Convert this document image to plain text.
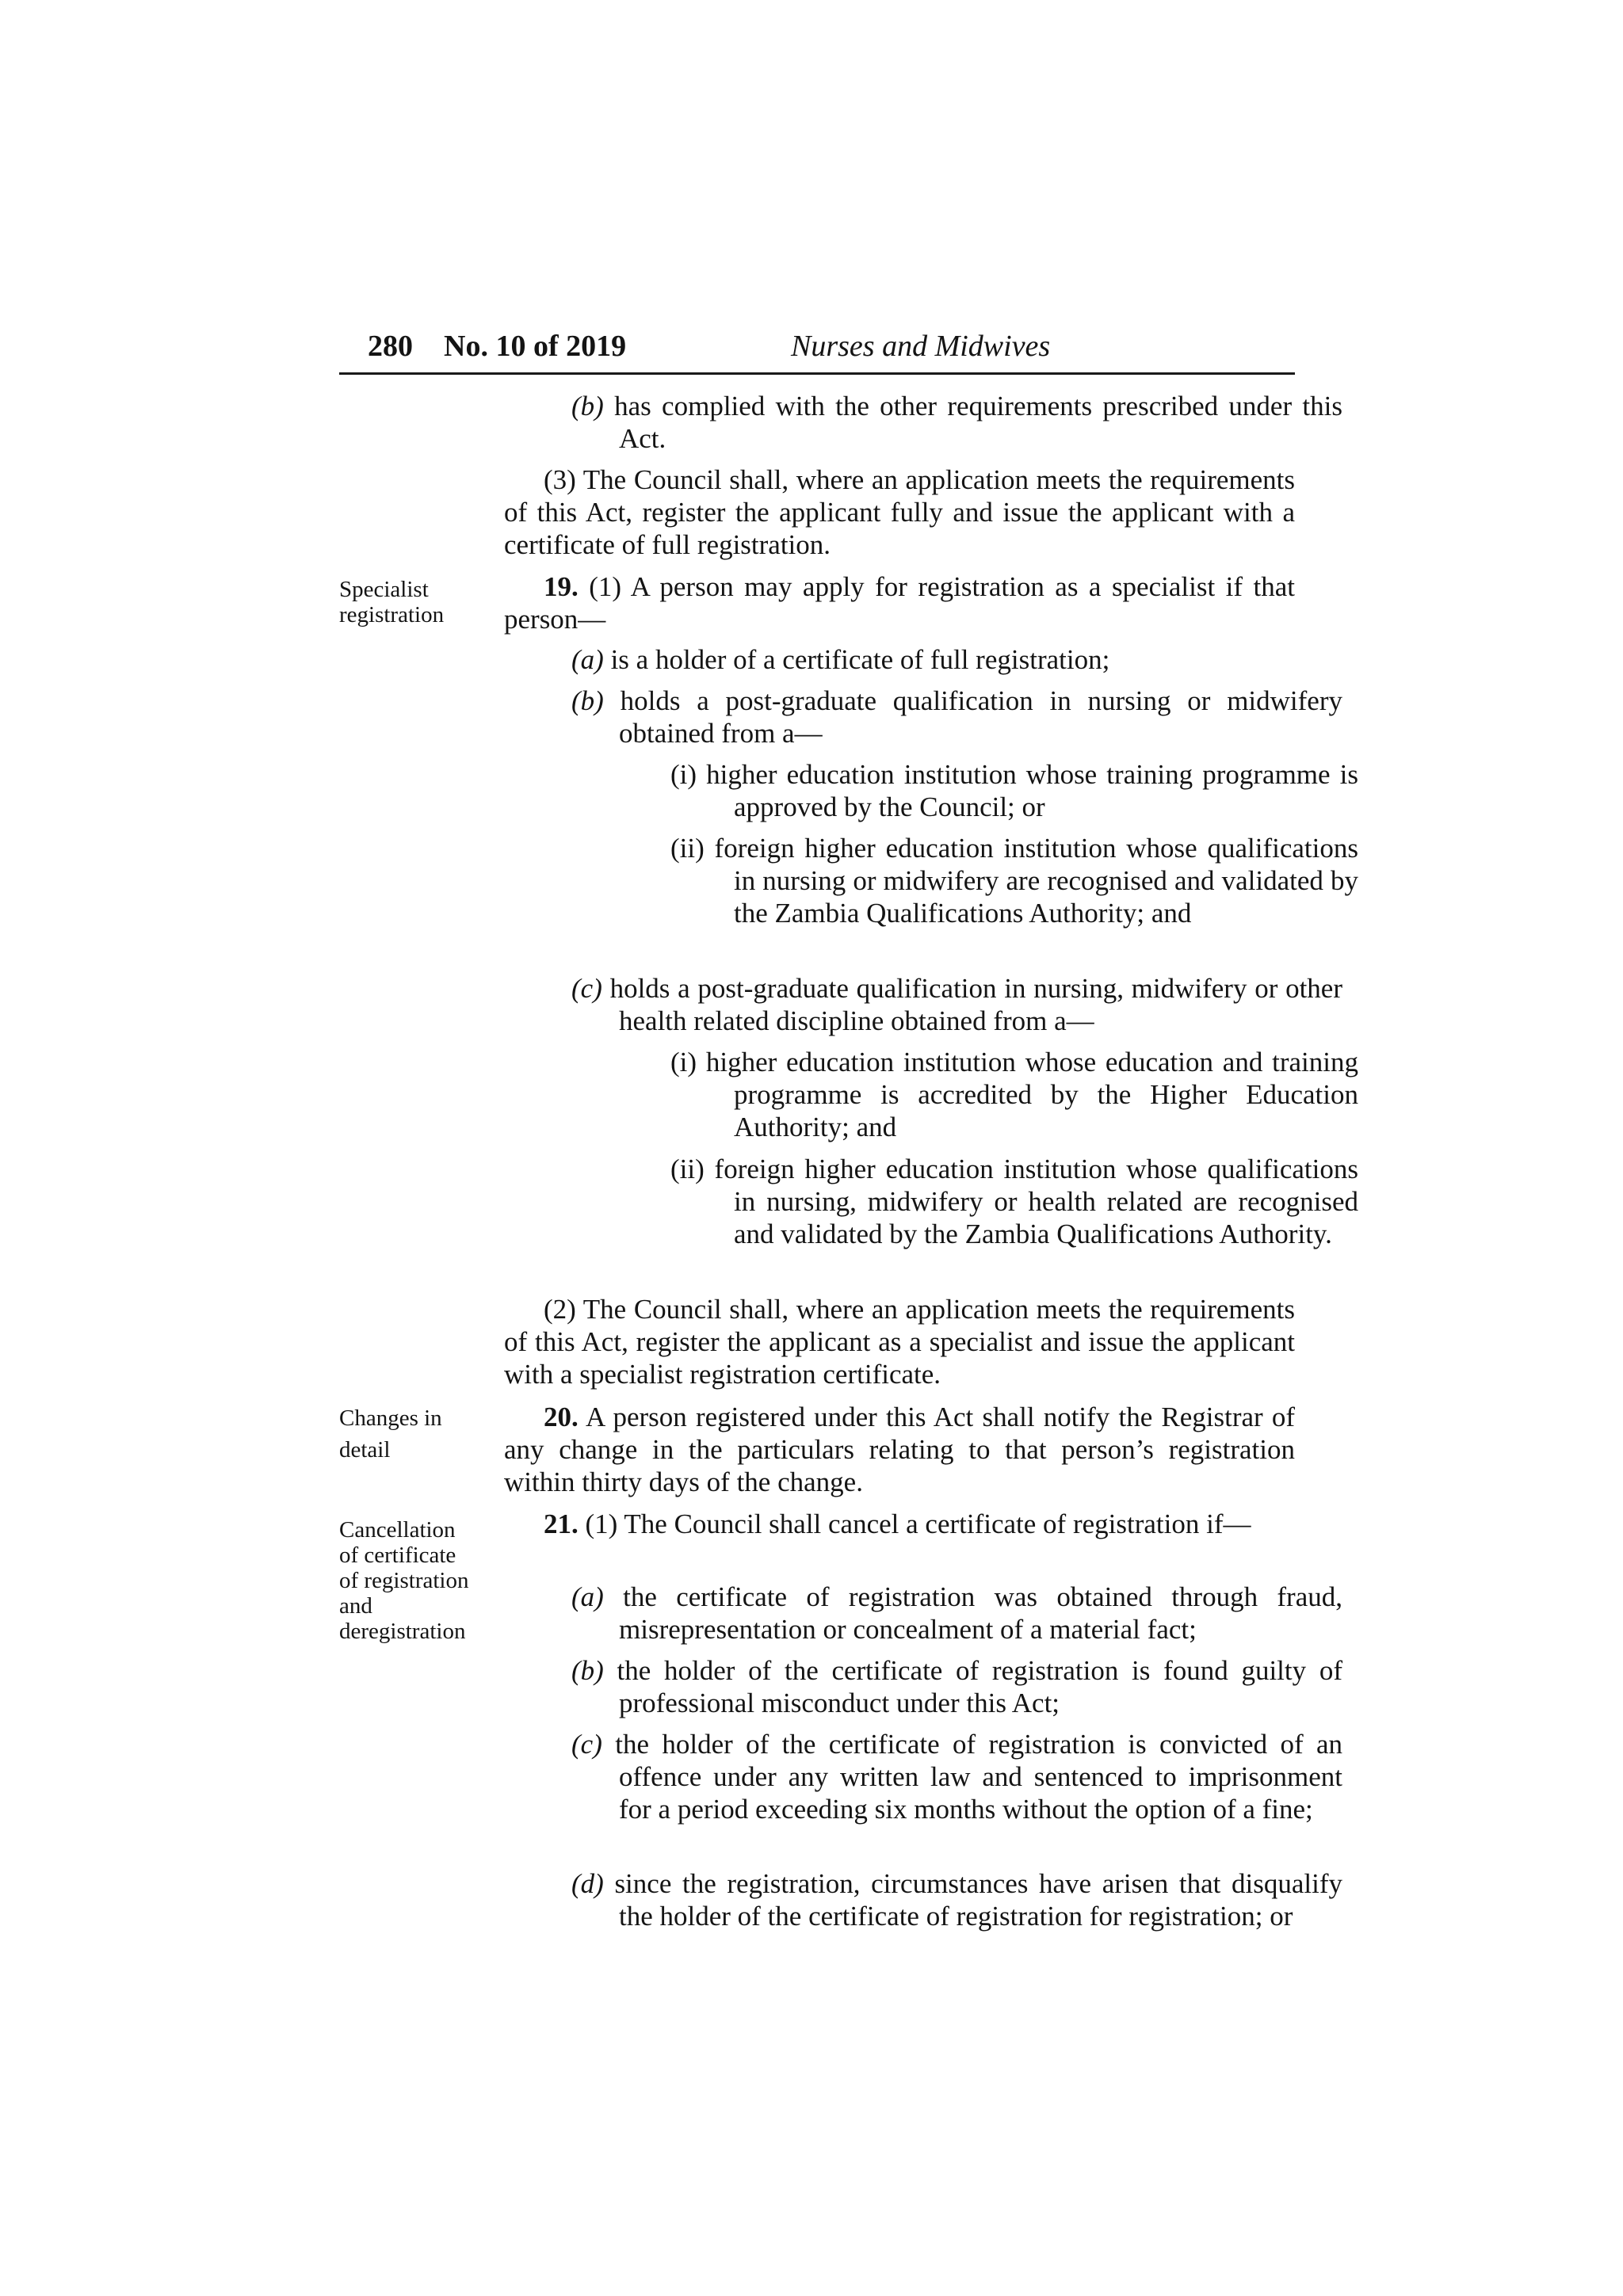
280 No. 10 of 2019	Nurses and Midwives
Specialist registration
Changes in detail
Cancellation of certificate of registration and deregistration
(b) has complied with the other requirements prescribed under this Act.
(3) The Council shall, where an application meets the requirements of this Act, register the applicant fully and issue the applicant with a certificate of full registration.
19. (1) A person may apply for registration as a specialist if that person—
(a) is a holder of a certificate of full registration;
(b) holds a post-graduate qualification in nursing or midwifery obtained from a—
(i) higher education institution whose training programme is approved by the Council; or
(ii) foreign higher education institution whose qualifications in nursing or midwifery are recognised and validated by the Zambia Qualifications Authority; and
(c) holds a post-graduate qualification in nursing, midwifery or other health related discipline obtained from a—
(i) higher education institution whose education and training programme is accredited by the Higher Education Authority; and
(ii) foreign higher education institution whose qualifications in nursing, midwifery or health related are recognised and validated by the Zambia Qualifications Authority.
(2) The Council shall, where an application meets the requirements of this Act, register the applicant as a specialist and issue the applicant with a specialist registration certificate.
20. A person registered under this Act shall notify the Registrar of any change in the particulars relating to that person’s registration within thirty days of the change.
21. (1) The Council shall cancel a certificate of registration if—
(a) the certificate of registration was obtained through fraud, misrepresentation or concealment of a material fact;
(b) the holder of the certificate of registration is found guilty of professional misconduct under this Act;
(c) the holder of the certificate of registration is convicted of an offence under any written law and sentenced to imprisonment for a period exceeding six months without the option of a fine;
(d) since the registration, circumstances have arisen that disqualify the holder of the certificate of registration for registration; or
